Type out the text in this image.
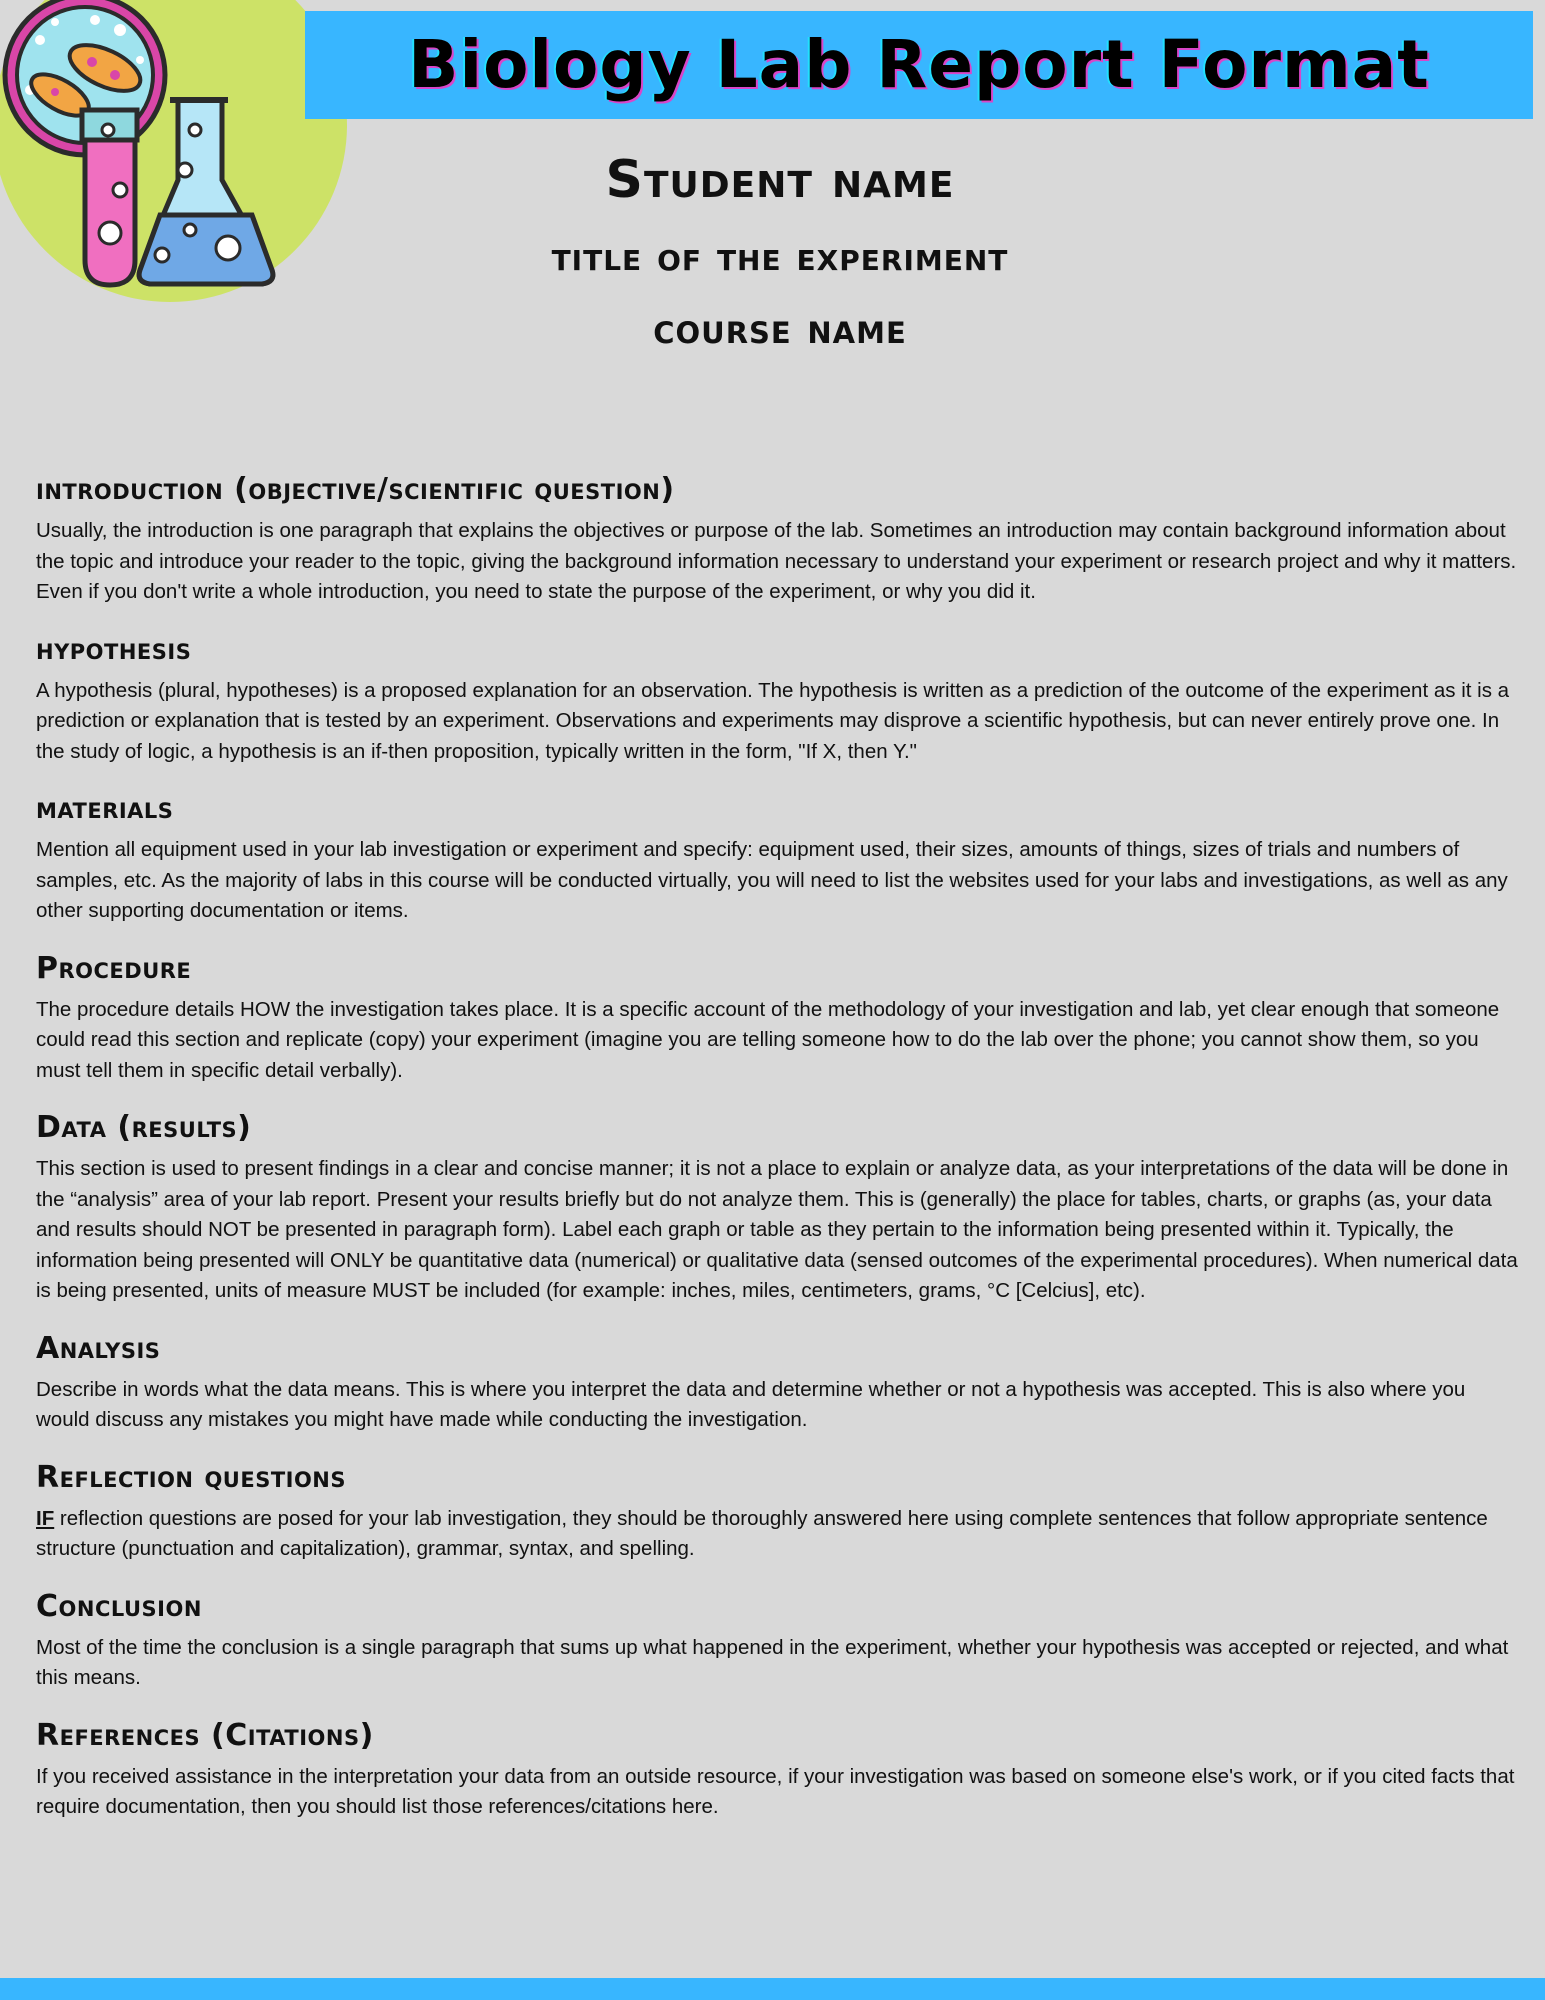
Biology Lab Report Format
Student name
title of the experiment
course name
introduction (objective/scientific question)

Usually, the introduction is one paragraph that explains the objectives or purpose of the lab. Sometimes an introduction may contain background information about the topic and introduce your reader to the topic, giving the background information necessary to understand your experiment or research project and why it matters. Even if you don't write a whole introduction, you need to state the purpose of the experiment, or why you did it.

hypothesis

A hypothesis (plural, hypotheses) is a proposed explanation for an observation. The hypothesis is written as a prediction of the outcome of the experiment as it is a prediction or explanation that is tested by an experiment. Observations and experiments may disprove a scientific hypothesis, but can never entirely prove one. In the study of logic, a hypothesis is an if-then proposition, typically written in the form, "If X, then Y."

materials

Mention all equipment used in your lab investigation or experiment and specify: equipment used, their sizes, amounts of things, sizes of trials and numbers of samples, etc. As the majority of labs in this course will be conducted virtually, you will need to list the websites used for your labs and investigations, as well as any other supporting documentation or items.

Procedure

The procedure details HOW the investigation takes place. It is a specific account of the methodology of your investigation and lab, yet clear enough that someone could read this section and replicate (copy) your experiment (imagine you are telling someone how to do the lab over the phone; you cannot show them, so you must tell them in specific detail verbally).

Data (results)

This section is used to present findings in a clear and concise manner; it is not a place to explain or analyze data, as your interpretations of the data will be done in the “analysis” area of your lab report. Present your results briefly but do not analyze them. This is (generally) the place for tables, charts, or graphs (as, your data and results should NOT be presented in paragraph form). Label each graph or table as they pertain to the information being presented within it. Typically, the information being presented will ONLY be quantitative data (numerical) or qualitative data (sensed outcomes of the experimental procedures). When numerical data is being presented, units of measure MUST be included (for example: inches, miles, centimeters, grams, °C [Celcius], etc).

Analysis

Describe in words what the data means. This is where you interpret the data and determine whether or not a hypothesis was accepted. This is also where you would discuss any mistakes you might have made while conducting the investigation.

Reflection questions

IF reflection questions are posed for your lab investigation, they should be thoroughly answered here using complete sentences that follow appropriate sentence structure (punctuation and capitalization), grammar, syntax, and spelling.

Conclusion

Most of the time the conclusion is a single paragraph that sums up what happened in the experiment, whether your hypothesis was accepted or rejected, and what this means.

References (Citations)

If you received assistance in the interpretation your data from an outside resource, if your investigation was based on someone else's work, or if you cited facts that require documentation, then you should list those references/citations here.
